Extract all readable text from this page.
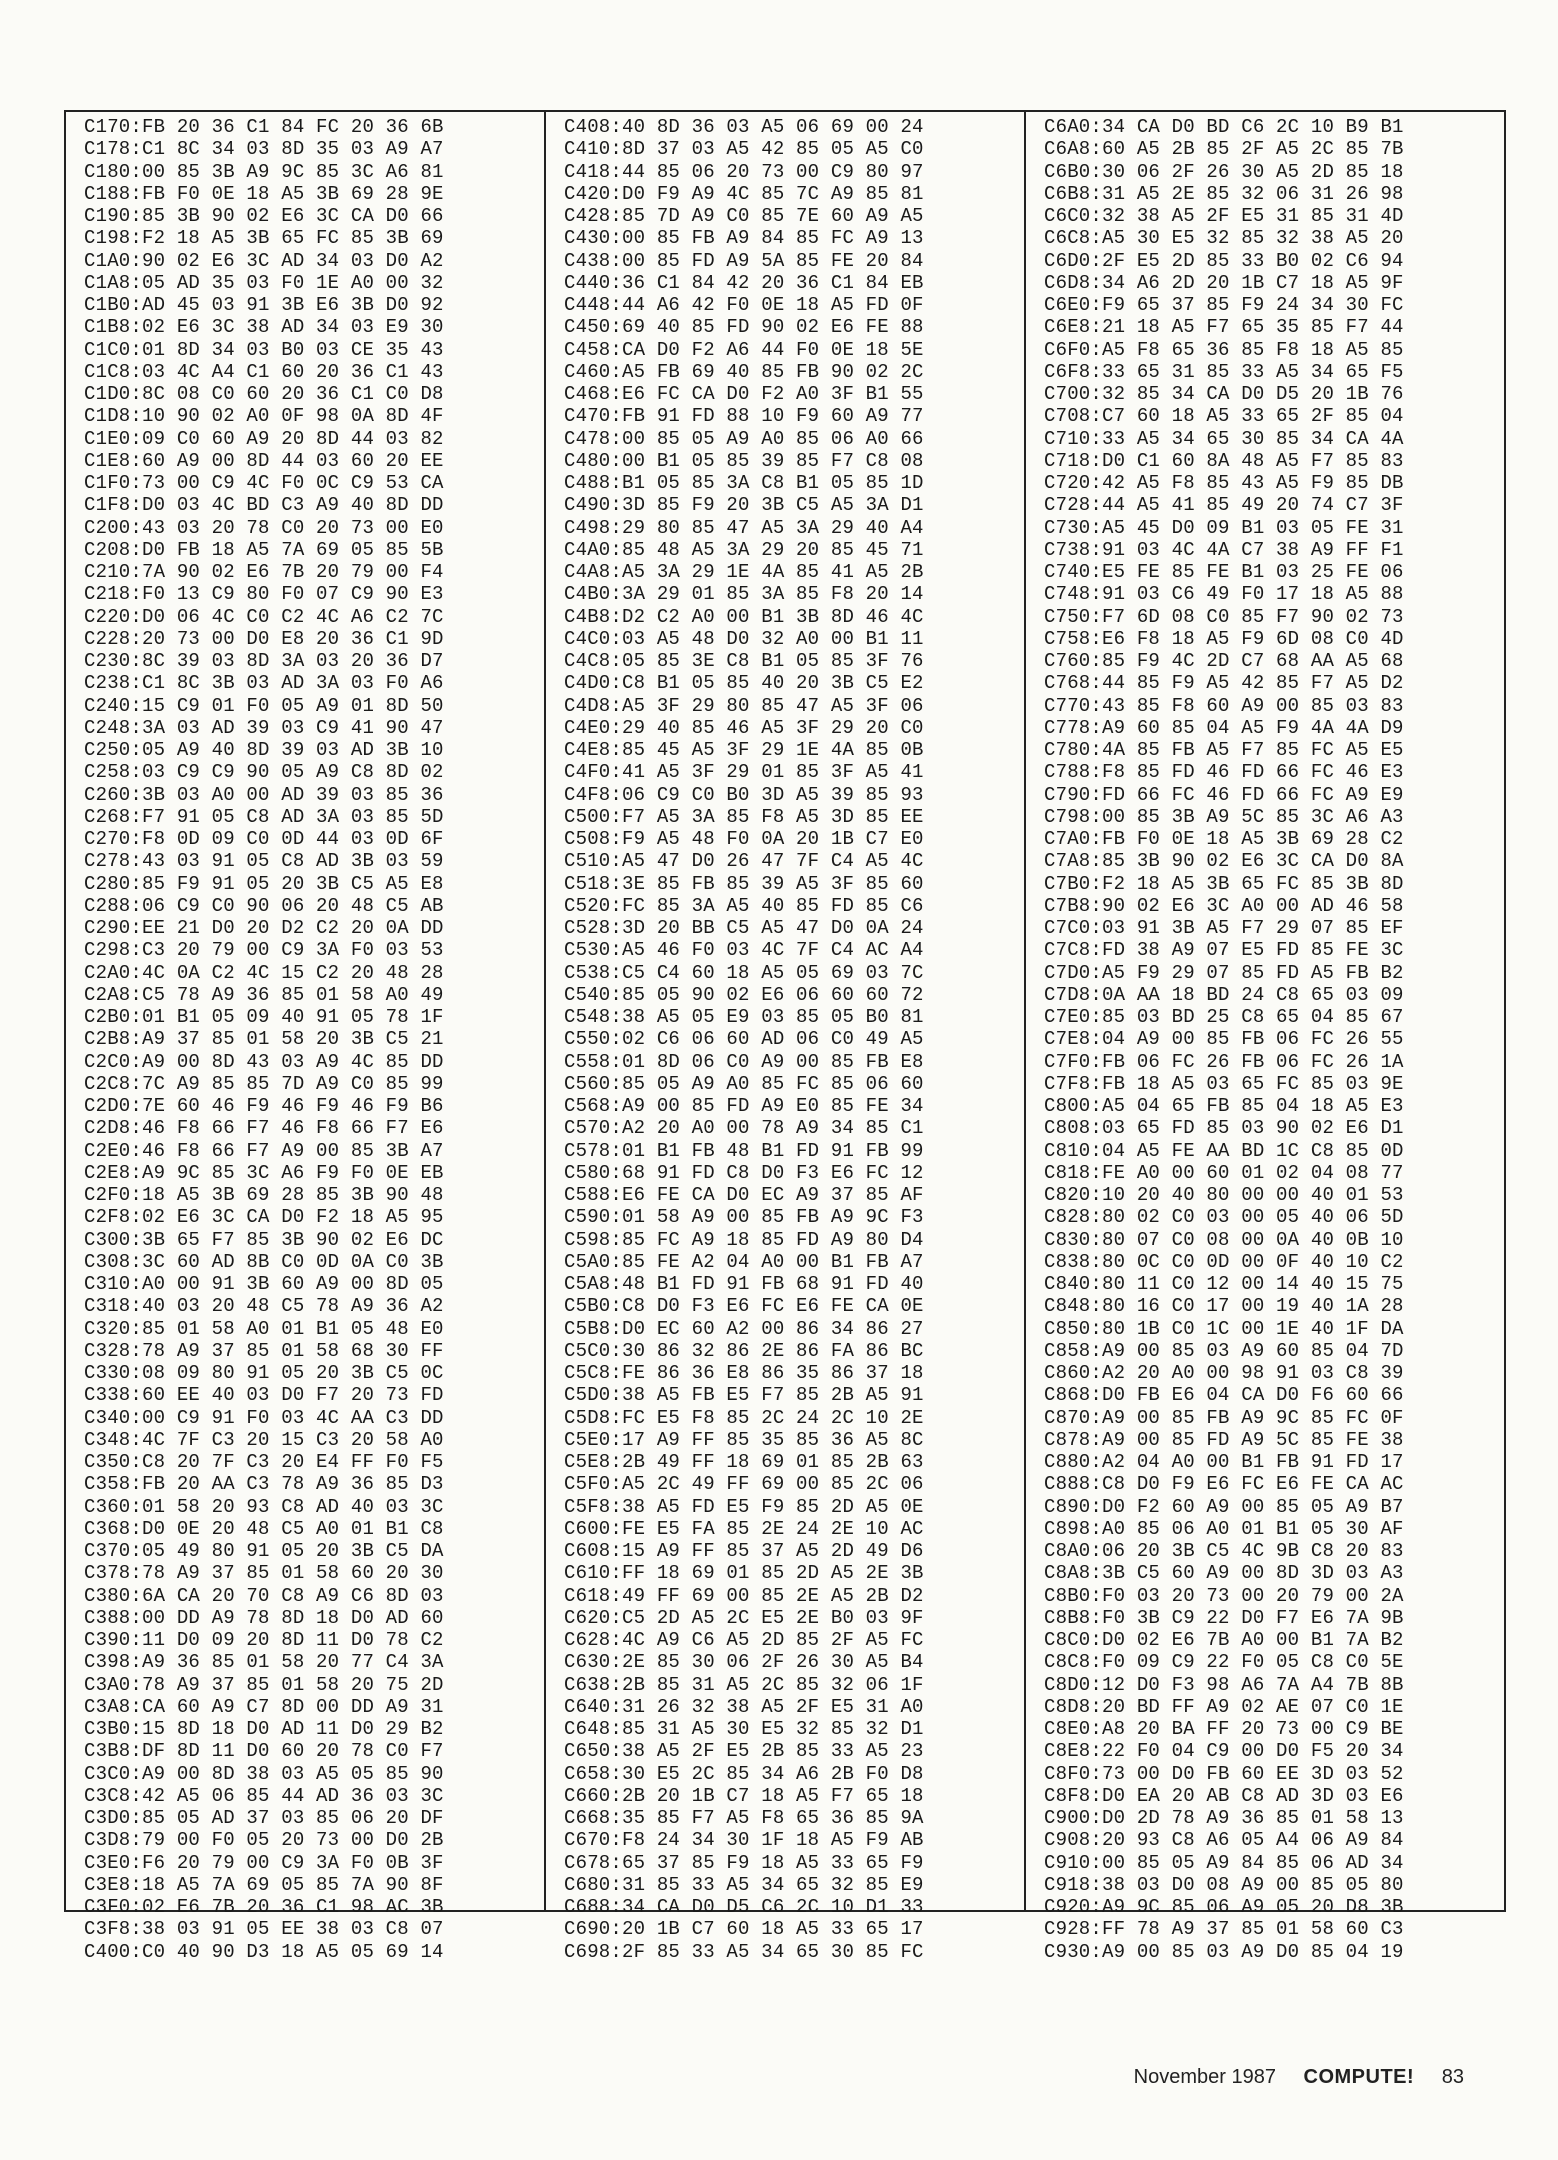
C170:FB 20 36 C1 84 FC 20 36 6B
C178:C1 8C 34 03 8D 35 03 A9 A7
C180:00 85 3B A9 9C 85 3C A6 81
C188:FB F0 0E 18 A5 3B 69 28 9E
C190:85 3B 90 02 E6 3C CA D0 66
C198:F2 18 A5 3B 65 FC 85 3B 69
C1A0:90 02 E6 3C AD 34 03 D0 A2
C1A8:05 AD 35 03 F0 1E A0 00 32
C1B0:AD 45 03 91 3B E6 3B D0 92
C1B8:02 E6 3C 38 AD 34 03 E9 30
C1C0:01 8D 34 03 B0 03 CE 35 43
C1C8:03 4C A4 C1 60 20 36 C1 43
C1D0:8C 08 C0 60 20 36 C1 C0 D8
C1D8:10 90 02 A0 0F 98 0A 8D 4F
C1E0:09 C0 60 A9 20 8D 44 03 82
C1E8:60 A9 00 8D 44 03 60 20 EE
C1F0:73 00 C9 4C F0 0C C9 53 CA
C1F8:D0 03 4C BD C3 A9 40 8D DD
C200:43 03 20 78 C0 20 73 00 E0
C208:D0 FB 18 A5 7A 69 05 85 5B
C210:7A 90 02 E6 7B 20 79 00 F4
C218:F0 13 C9 80 F0 07 C9 90 E3
C220:D0 06 4C C0 C2 4C A6 C2 7C
C228:20 73 00 D0 E8 20 36 C1 9D
C230:8C 39 03 8D 3A 03 20 36 D7
C238:C1 8C 3B 03 AD 3A 03 F0 A6
C240:15 C9 01 F0 05 A9 01 8D 50
C248:3A 03 AD 39 03 C9 41 90 47
C250:05 A9 40 8D 39 03 AD 3B 10
C258:03 C9 C9 90 05 A9 C8 8D 02
C260:3B 03 A0 00 AD 39 03 85 36
C268:F7 91 05 C8 AD 3A 03 85 5D
C270:F8 0D 09 C0 0D 44 03 0D 6F
C278:43 03 91 05 C8 AD 3B 03 59
C280:85 F9 91 05 20 3B C5 A5 E8
C288:06 C9 C0 90 06 20 48 C5 AB
C290:EE 21 D0 20 D2 C2 20 0A DD
C298:C3 20 79 00 C9 3A F0 03 53
C2A0:4C 0A C2 4C 15 C2 20 48 28
C2A8:C5 78 A9 36 85 01 58 A0 49
C2B0:01 B1 05 09 40 91 05 78 1F
C2B8:A9 37 85 01 58 20 3B C5 21
C2C0:A9 00 8D 43 03 A9 4C 85 DD
C2C8:7C A9 85 85 7D A9 C0 85 99
C2D0:7E 60 46 F9 46 F9 46 F9 B6
C2D8:46 F8 66 F7 46 F8 66 F7 E6
C2E0:46 F8 66 F7 A9 00 85 3B A7
C2E8:A9 9C 85 3C A6 F9 F0 0E EB
C2F0:18 A5 3B 69 28 85 3B 90 48
C2F8:02 E6 3C CA D0 F2 18 A5 95
C300:3B 65 F7 85 3B 90 02 E6 DC
C308:3C 60 AD 8B C0 0D 0A C0 3B
C310:A0 00 91 3B 60 A9 00 8D 05
C318:40 03 20 48 C5 78 A9 36 A2
C320:85 01 58 A0 01 B1 05 48 E0
C328:78 A9 37 85 01 58 68 30 FF
C330:08 09 80 91 05 20 3B C5 0C
C338:60 EE 40 03 D0 F7 20 73 FD
C340:00 C9 91 F0 03 4C AA C3 DD
C348:4C 7F C3 20 15 C3 20 58 A0
C350:C8 20 7F C3 20 E4 FF F0 F5
C358:FB 20 AA C3 78 A9 36 85 D3
C360:01 58 20 93 C8 AD 40 03 3C
C368:D0 0E 20 48 C5 A0 01 B1 C8
C370:05 49 80 91 05 20 3B C5 DA
C378:78 A9 37 85 01 58 60 20 30
C380:6A CA 20 70 C8 A9 C6 8D 03
C388:00 DD A9 78 8D 18 D0 AD 60
C390:11 D0 09 20 8D 11 D0 78 C2
C398:A9 36 85 01 58 20 77 C4 3A
C3A0:78 A9 37 85 01 58 20 75 2D
C3A8:CA 60 A9 C7 8D 00 DD A9 31
C3B0:15 8D 18 D0 AD 11 D0 29 B2
C3B8:DF 8D 11 D0 60 20 78 C0 F7
C3C0:A9 00 8D 38 03 A5 05 85 90
C3C8:42 A5 06 85 44 AD 36 03 3C
C3D0:85 05 AD 37 03 85 06 20 DF
C3D8:79 00 F0 05 20 73 00 D0 2B
C3E0:F6 20 79 00 C9 3A F0 0B 3F
C3E8:18 A5 7A 69 05 85 7A 90 8F
C3F0:02 E6 7B 20 36 C1 98 AC 3B
C3F8:38 03 91 05 EE 38 03 C8 07
C400:C0 40 90 D3 18 A5 05 69 14
C408:40 8D 36 03 A5 06 69 00 24
C410:8D 37 03 A5 42 85 05 A5 C0
C418:44 85 06 20 73 00 C9 80 97
C420:D0 F9 A9 4C 85 7C A9 85 81
C428:85 7D A9 C0 85 7E 60 A9 A5
C430:00 85 FB A9 84 85 FC A9 13
C438:00 85 FD A9 5A 85 FE 20 84
C440:36 C1 84 42 20 36 C1 84 EB
C448:44 A6 42 F0 0E 18 A5 FD 0F
C450:69 40 85 FD 90 02 E6 FE 88
C458:CA D0 F2 A6 44 F0 0E 18 5E
C460:A5 FB 69 40 85 FB 90 02 2C
C468:E6 FC CA D0 F2 A0 3F B1 55
C470:FB 91 FD 88 10 F9 60 A9 77
C478:00 85 05 A9 A0 85 06 A0 66
C480:00 B1 05 85 39 85 F7 C8 08
C488:B1 05 85 3A C8 B1 05 85 1D
C490:3D 85 F9 20 3B C5 A5 3A D1
C498:29 80 85 47 A5 3A 29 40 A4
C4A0:85 48 A5 3A 29 20 85 45 71
C4A8:A5 3A 29 1E 4A 85 41 A5 2B
C4B0:3A 29 01 85 3A 85 F8 20 14
C4B8:D2 C2 A0 00 B1 3B 8D 46 4C
C4C0:03 A5 48 D0 32 A0 00 B1 11
C4C8:05 85 3E C8 B1 05 85 3F 76
C4D0:C8 B1 05 85 40 20 3B C5 E2
C4D8:A5 3F 29 80 85 47 A5 3F 06
C4E0:29 40 85 46 A5 3F 29 20 C0
C4E8:85 45 A5 3F 29 1E 4A 85 0B
C4F0:41 A5 3F 29 01 85 3F A5 41
C4F8:06 C9 C0 B0 3D A5 39 85 93
C500:F7 A5 3A 85 F8 A5 3D 85 EE
C508:F9 A5 48 F0 0A 20 1B C7 E0
C510:A5 47 D0 26 47 7F C4 A5 4C
C518:3E 85 FB 85 39 A5 3F 85 60
C520:FC 85 3A A5 40 85 FD 85 C6
C528:3D 20 BB C5 A5 47 D0 0A 24
C530:A5 46 F0 03 4C 7F C4 AC A4
C538:C5 C4 60 18 A5 05 69 03 7C
C540:85 05 90 02 E6 06 60 60 72
C548:38 A5 05 E9 03 85 05 B0 81
C550:02 C6 06 60 AD 06 C0 49 A5
C558:01 8D 06 C0 A9 00 85 FB E8
C560:85 05 A9 A0 85 FC 85 06 60
C568:A9 00 85 FD A9 E0 85 FE 34
C570:A2 20 A0 00 78 A9 34 85 C1
C578:01 B1 FB 48 B1 FD 91 FB 99
C580:68 91 FD C8 D0 F3 E6 FC 12
C588:E6 FE CA D0 EC A9 37 85 AF
C590:01 58 A9 00 85 FB A9 9C F3
C598:85 FC A9 18 85 FD A9 80 D4
C5A0:85 FE A2 04 A0 00 B1 FB A7
C5A8:48 B1 FD 91 FB 68 91 FD 40
C5B0:C8 D0 F3 E6 FC E6 FE CA 0E
C5B8:D0 EC 60 A2 00 86 34 86 27
C5C0:30 86 32 86 2E 86 FA 86 BC
C5C8:FE 86 36 E8 86 35 86 37 18
C5D0:38 A5 FB E5 F7 85 2B A5 91
C5D8:FC E5 F8 85 2C 24 2C 10 2E
C5E0:17 A9 FF 85 35 85 36 A5 8C
C5E8:2B 49 FF 18 69 01 85 2B 63
C5F0:A5 2C 49 FF 69 00 85 2C 06
C5F8:38 A5 FD E5 F9 85 2D A5 0E
C600:FE E5 FA 85 2E 24 2E 10 AC
C608:15 A9 FF 85 37 A5 2D 49 D6
C610:FF 18 69 01 85 2D A5 2E 3B
C618:49 FF 69 00 85 2E A5 2B D2
C620:C5 2D A5 2C E5 2E B0 03 9F
C628:4C A9 C6 A5 2D 85 2F A5 FC
C630:2E 85 30 06 2F 26 30 A5 B4
C638:2B 85 31 A5 2C 85 32 06 1F
C640:31 26 32 38 A5 2F E5 31 A0
C648:85 31 A5 30 E5 32 85 32 D1
C650:38 A5 2F E5 2B 85 33 A5 23
C658:30 E5 2C 85 34 A6 2B F0 D8
C660:2B 20 1B C7 18 A5 F7 65 18
C668:35 85 F7 A5 F8 65 36 85 9A
C670:F8 24 34 30 1F 18 A5 F9 AB
C678:65 37 85 F9 18 A5 33 65 F9
C680:31 85 33 A5 34 65 32 85 E9
C688:34 CA D0 D5 C6 2C 10 D1 33
C690:20 1B C7 60 18 A5 33 65 17
C698:2F 85 33 A5 34 65 30 85 FC
C6A0:34 CA D0 BD C6 2C 10 B9 B1
C6A8:60 A5 2B 85 2F A5 2C 85 7B
C6B0:30 06 2F 26 30 A5 2D 85 18
C6B8:31 A5 2E 85 32 06 31 26 98
C6C0:32 38 A5 2F E5 31 85 31 4D
C6C8:A5 30 E5 32 85 32 38 A5 20
C6D0:2F E5 2D 85 33 B0 02 C6 94
C6D8:34 A6 2D 20 1B C7 18 A5 9F
C6E0:F9 65 37 85 F9 24 34 30 FC
C6E8:21 18 A5 F7 65 35 85 F7 44
C6F0:A5 F8 65 36 85 F8 18 A5 85
C6F8:33 65 31 85 33 A5 34 65 F5
C700:32 85 34 CA D0 D5 20 1B 76
C708:C7 60 18 A5 33 65 2F 85 04
C710:33 A5 34 65 30 85 34 CA 4A
C718:D0 C1 60 8A 48 A5 F7 85 83
C720:42 A5 F8 85 43 A5 F9 85 DB
C728:44 A5 41 85 49 20 74 C7 3F
C730:A5 45 D0 09 B1 03 05 FE 31
C738:91 03 4C 4A C7 38 A9 FF F1
C740:E5 FE 85 FE B1 03 25 FE 06
C748:91 03 C6 49 F0 17 18 A5 88
C750:F7 6D 08 C0 85 F7 90 02 73
C758:E6 F8 18 A5 F9 6D 08 C0 4D
C760:85 F9 4C 2D C7 68 AA A5 68
C768:44 85 F9 A5 42 85 F7 A5 D2
C770:43 85 F8 60 A9 00 85 03 83
C778:A9 60 85 04 A5 F9 4A 4A D9
C780:4A 85 FB A5 F7 85 FC A5 E5
C788:F8 85 FD 46 FD 66 FC 46 E3
C790:FD 66 FC 46 FD 66 FC A9 E9
C798:00 85 3B A9 5C 85 3C A6 A3
C7A0:FB F0 0E 18 A5 3B 69 28 C2
C7A8:85 3B 90 02 E6 3C CA D0 8A
C7B0:F2 18 A5 3B 65 FC 85 3B 8D
C7B8:90 02 E6 3C A0 00 AD 46 58
C7C0:03 91 3B A5 F7 29 07 85 EF
C7C8:FD 38 A9 07 E5 FD 85 FE 3C
C7D0:A5 F9 29 07 85 FD A5 FB B2
C7D8:0A AA 18 BD 24 C8 65 03 09
C7E0:85 03 BD 25 C8 65 04 85 67
C7E8:04 A9 00 85 FB 06 FC 26 55
C7F0:FB 06 FC 26 FB 06 FC 26 1A
C7F8:FB 18 A5 03 65 FC 85 03 9E
C800:A5 04 65 FB 85 04 18 A5 E3
C808:03 65 FD 85 03 90 02 E6 D1
C810:04 A5 FE AA BD 1C C8 85 0D
C818:FE A0 00 60 01 02 04 08 77
C820:10 20 40 80 00 00 40 01 53
C828:80 02 C0 03 00 05 40 06 5D
C830:80 07 C0 08 00 0A 40 0B 10
C838:80 0C C0 0D 00 0F 40 10 C2
C840:80 11 C0 12 00 14 40 15 75
C848:80 16 C0 17 00 19 40 1A 28
C850:80 1B C0 1C 00 1E 40 1F DA
C858:A9 00 85 03 A9 60 85 04 7D
C860:A2 20 A0 00 98 91 03 C8 39
C868:D0 FB E6 04 CA D0 F6 60 66
C870:A9 00 85 FB A9 9C 85 FC 0F
C878:A9 00 85 FD A9 5C 85 FE 38
C880:A2 04 A0 00 B1 FB 91 FD 17
C888:C8 D0 F9 E6 FC E6 FE CA AC
C890:D0 F2 60 A9 00 85 05 A9 B7
C898:A0 85 06 A0 01 B1 05 30 AF
C8A0:06 20 3B C5 4C 9B C8 20 83
C8A8:3B C5 60 A9 00 8D 3D 03 A3
C8B0:F0 03 20 73 00 20 79 00 2A
C8B8:F0 3B C9 22 D0 F7 E6 7A 9B
C8C0:D0 02 E6 7B A0 00 B1 7A B2
C8C8:F0 09 C9 22 F0 05 C8 C0 5E
C8D0:12 D0 F3 98 A6 7A A4 7B 8B
C8D8:20 BD FF A9 02 AE 07 C0 1E
C8E0:A8 20 BA FF 20 73 00 C9 BE
C8E8:22 F0 04 C9 00 D0 F5 20 34
C8F0:73 00 D0 FB 60 EE 3D 03 52
C8F8:D0 EA 20 AB C8 AD 3D 03 E6
C900:D0 2D 78 A9 36 85 01 58 13
C908:20 93 C8 A6 05 A4 06 A9 84
C910:00 85 05 A9 84 85 06 AD 34
C918:38 03 D0 08 A9 00 85 05 80
C920:A9 9C 85 06 A9 05 20 D8 3B
C928:FF 78 A9 37 85 01 58 60 C3
C930:A9 00 85 03 A9 D0 85 04 19
November 1987 COMPUTE! 83
